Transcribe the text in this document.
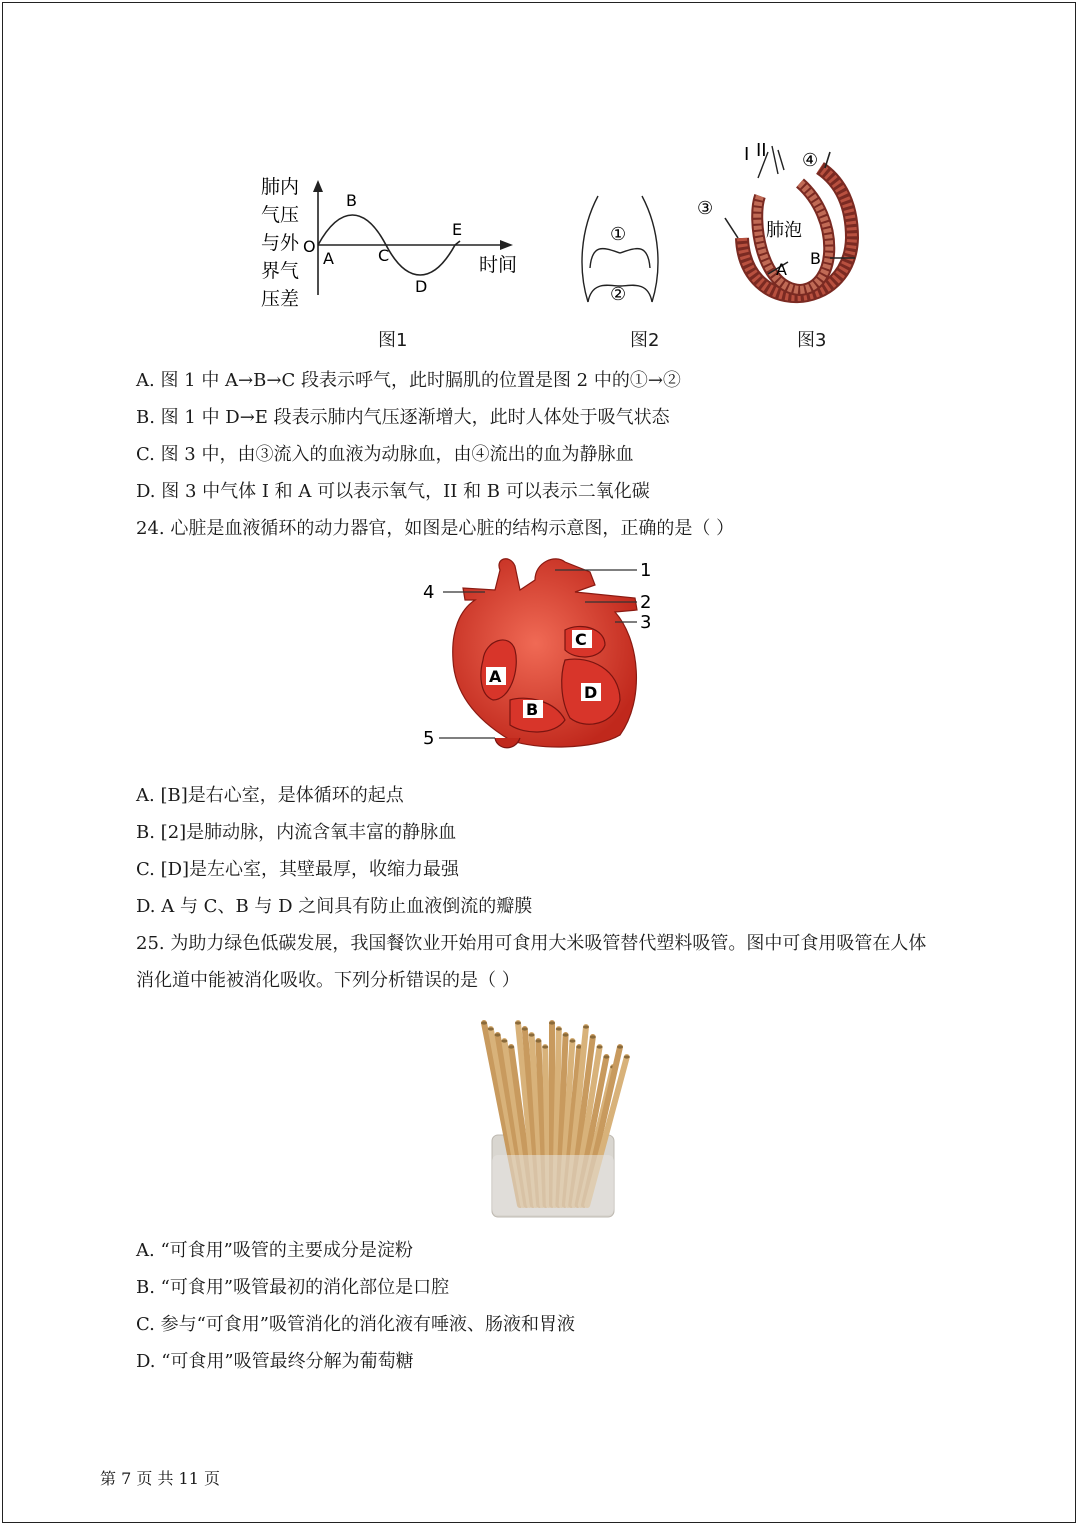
肺内
气压
与外
界气
压差
O
A
B
C
D
E
时间
图1
①
②
图2
I II
③
④
肺泡
A
B
图3
A. 图 1 中 A→B→C 段表示呼气，此时膈肌的位置是图 2 中的①→②
B. 图 1 中 D→E 段表示肺内气压逐渐增大，此时人体处于吸气状态
C. 图 3 中，由③流入的血液为动脉血，由④流出的血为静脉血
D. 图 3 中气体 I 和 A 可以表示氧气，II 和 B 可以表示二氧化碳
24. 心脏是血液循环的动力器官，如图是心脏的结构示意图，正确的是（ ）
1
2
3
4
5
A
B
C
D
A. [B]是右心室，是体循环的起点
B. [2]是肺动脉，内流含氧丰富的静脉血
C. [D]是左心室，其壁最厚，收缩力最强
D. A 与 C、B 与 D 之间具有防止血液倒流的瓣膜
25. 为助力绿色低碳发展，我国餐饮业开始用可食用大米吸管替代塑料吸管。图中可食用吸管在人体
消化道中能被消化吸收。下列分析错误的是（ ）
A. “可食用”吸管的主要成分是淀粉
B. “可食用”吸管最初的消化部位是口腔
C. 参与“可食用”吸管消化的消化液有唾液、肠液和胃液
D. “可食用”吸管最终分解为葡萄糖
第 7 页 共 11 页
